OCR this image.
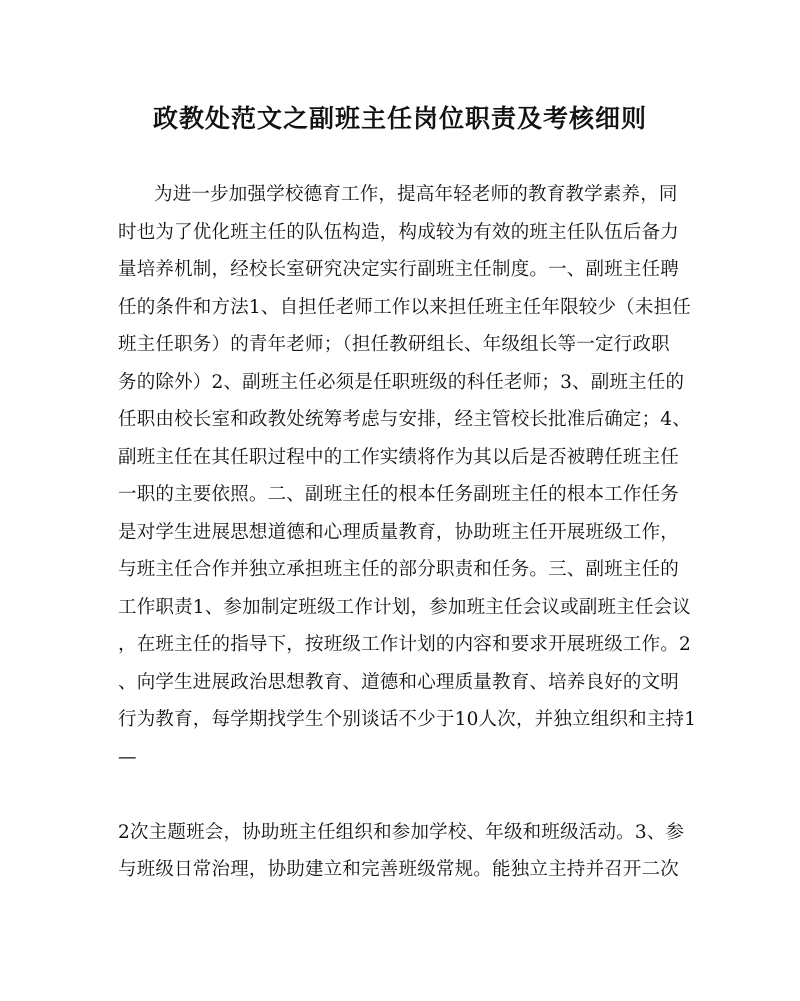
政教处范文之副班主任岗位职责及考核细则
为进一步加强学校德育工作，提高年轻老师的教育教学素养，同
时也为了优化班主任的队伍构造，构成较为有效的班主任队伍后备力
量培养机制，经校长室研究决定实行副班主任制度。一、副班主任聘
任的条件和方法1、自担任老师工作以来担任班主任年限较少（未担任
班主任职务）的青年老师；（担任教研组长、年级组长等一定行政职
务的除外）2、副班主任必须是任职班级的科任老师；3、副班主任的
任职由校长室和政教处统筹考虑与安排，经主管校长批准后确定；4、
副班主任在其任职过程中的工作实绩将作为其以后是否被聘任班主任
一职的主要依照。二、副班主任的根本任务副班主任的根本工作任务
是对学生进展思想道德和心理质量教育，协助班主任开展班级工作，
与班主任合作并独立承担班主任的部分职责和任务。三、副班主任的
工作职责1、参加制定班级工作计划，参加班主任会议或副班主任会议
，在班主任的指导下，按班级工作计划的内容和要求开展班级工作。2
、向学生进展政治思想教育、道德和心理质量教育、培养良好的文明
行为教育，每学期找学生个别谈话不少于10人次，并独立组织和主持1
—
2次主题班会，协助班主任组织和参加学校、年级和班级活动。3、参
与班级日常治理，协助建立和完善班级常规。能独立主持并召开二次
